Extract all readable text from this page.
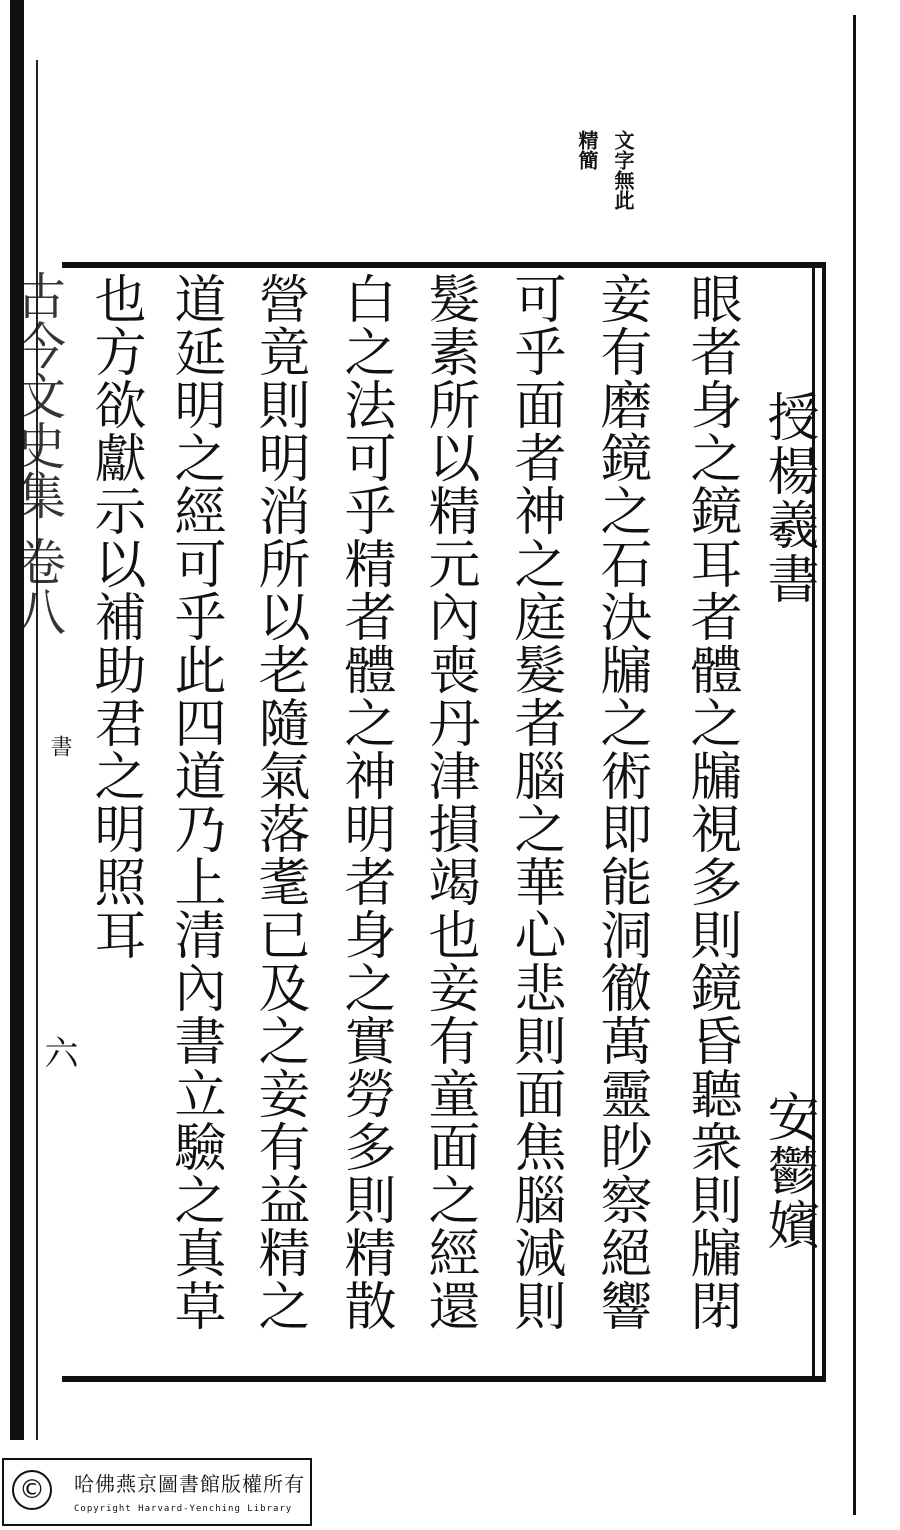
古今文史集 卷八
書
六
文字無此
精簡
授楊羲書
安鬱嬪
眼者身之鏡耳者體之牖視多則鏡昏聽衆則牖閉
妾有磨鏡之石決牖之術即能洞徹萬靈眇察絕響
可乎面者神之庭髮者腦之華心悲則面焦腦減則
髮素所以精元內喪丹津損竭也妾有童面之經還
白之法可乎精者體之神明者身之實勞多則精散
營竟則明消所以老隨氣落耄已及之妾有益精之
道延明之經可乎此四道乃上清內書立驗之真草
也方欲獻示以補助君之明照耳
©	哈佛燕京圖書館版權所有
Copyright Harvard-Yenching Library
